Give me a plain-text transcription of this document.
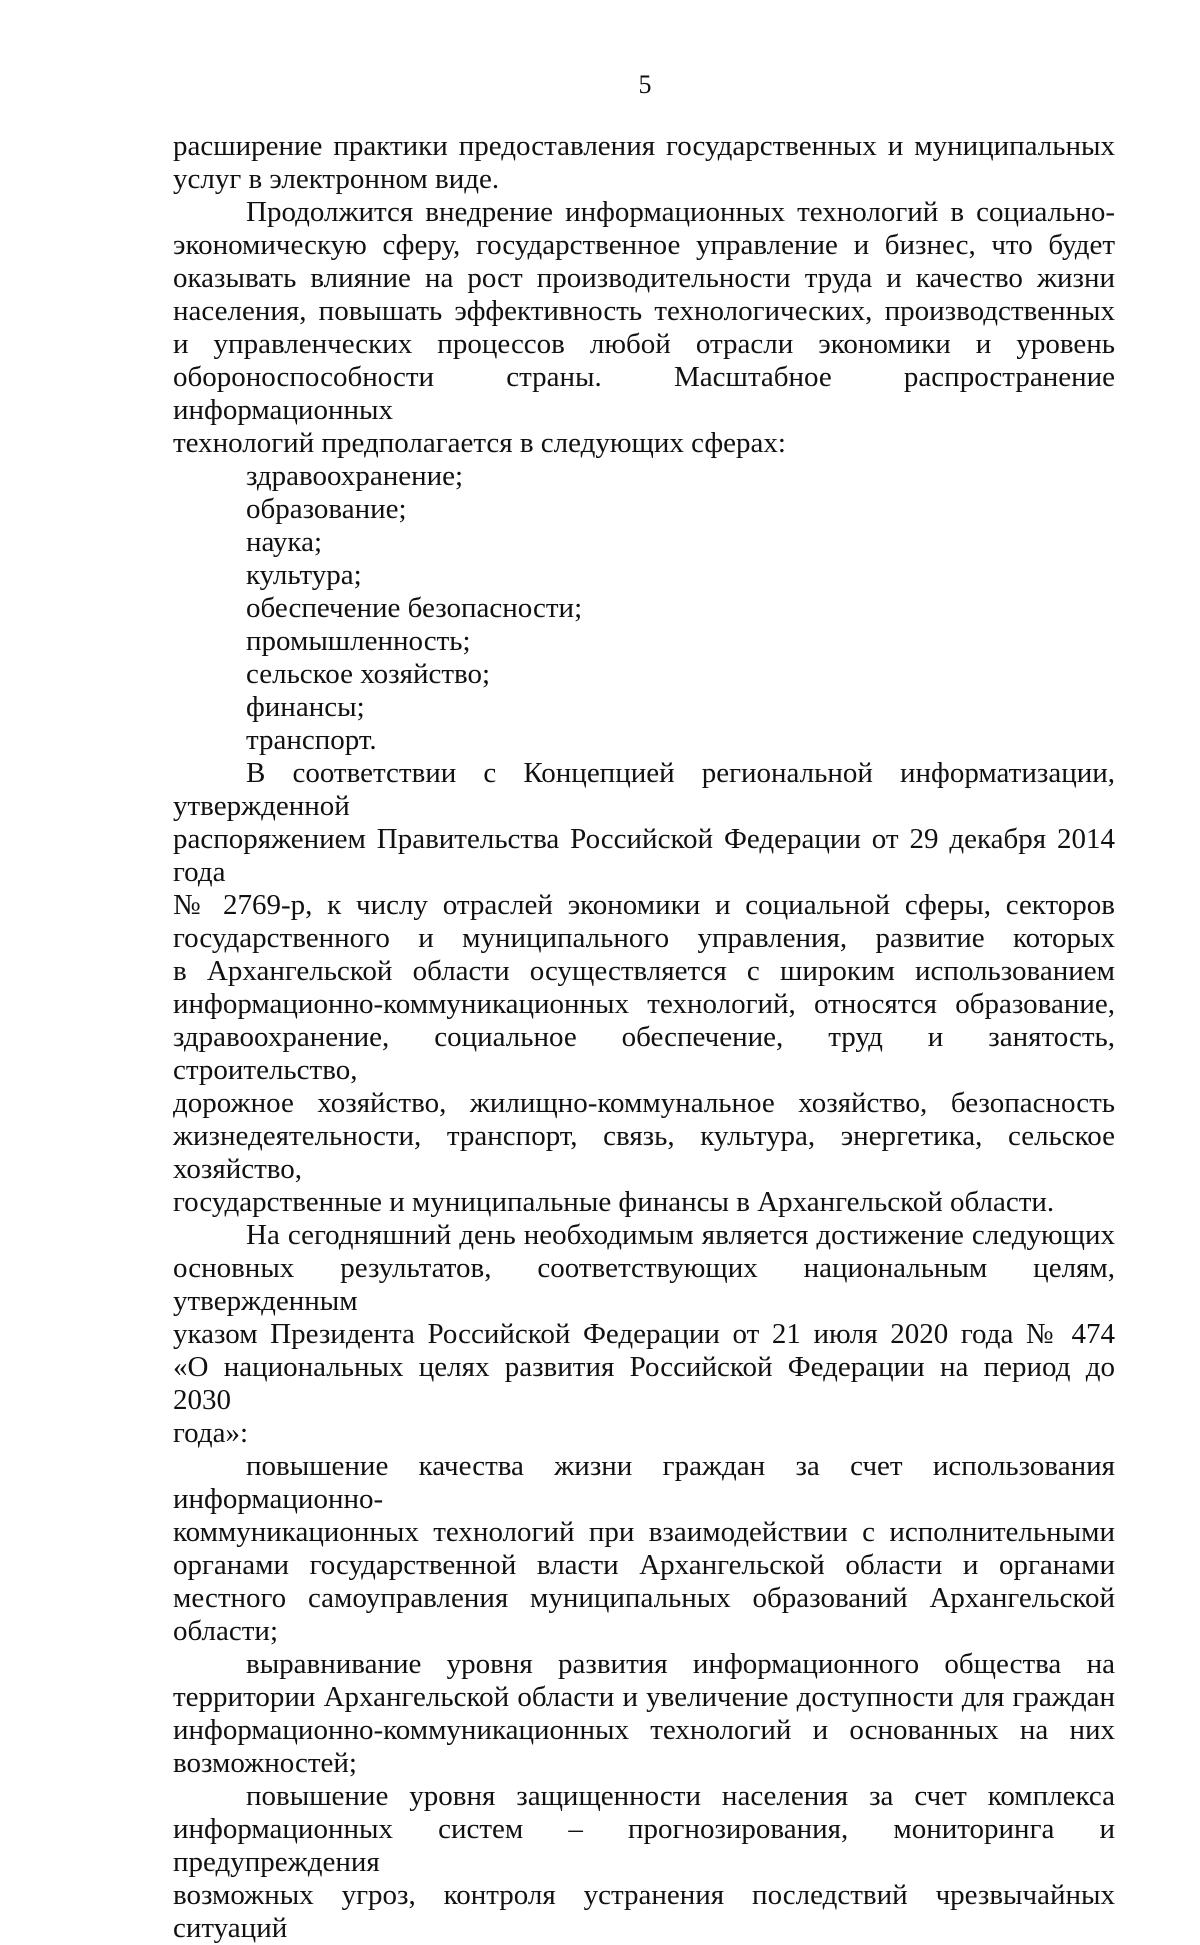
5
расширение практики предоставления государственных и муниципальных
услуг в электронном виде.
Продолжится внедрение информационных технологий в социально-
экономическую сферу, государственное управление и бизнес, что будет
оказывать влияние на рост производительности труда и качество жизни
населения, повышать эффективность технологических, производственных
и управленческих процессов любой отрасли экономики и уровень
обороноспособности страны. Масштабное распространение информационных
технологий предполагается в следующих сферах:
здравоохранение;
образование;
наука;
культура;
обеспечение безопасности;
промышленность;
сельское хозяйство;
финансы;
транспорт.
В соответствии с Концепцией региональной информатизации, утвержденной
распоряжением Правительства Российской Федерации от 29 декабря 2014 года
№ 2769-р, к числу отраслей экономики и социальной сферы, секторов
государственного и муниципального управления, развитие которых
в Архангельской области осуществляется с широким использованием
информационно-коммуникационных технологий, относятся образование,
здравоохранение, социальное обеспечение, труд и занятость, строительство,
дорожное хозяйство, жилищно-коммунальное хозяйство, безопасность
жизнедеятельности, транспорт, связь, культура, энергетика, сельское хозяйство,
государственные и муниципальные финансы в Архангельской области.
На сегодняшний день необходимым является достижение следующих
основных результатов, соответствующих национальным целям, утвержденным
указом Президента Российской Федерации от 21 июля 2020 года № 474
«О национальных целях развития Российской Федерации на период до 2030
года»:
повышение качества жизни граждан за счет использования информационно-
коммуникационных технологий при взаимодействии с исполнительными
органами государственной власти Архангельской области и органами
местного самоуправления муниципальных образований Архангельской области;
выравнивание уровня развития информационного общества на
территории Архангельской области и увеличение доступности для граждан
информационно-коммуникационных технологий и основанных на них
возможностей;
повышение уровня защищенности населения за счет комплекса
информационных систем – прогнозирования, мониторинга и предупреждения
возможных угроз, контроля устранения последствий чрезвычайных ситуаций
